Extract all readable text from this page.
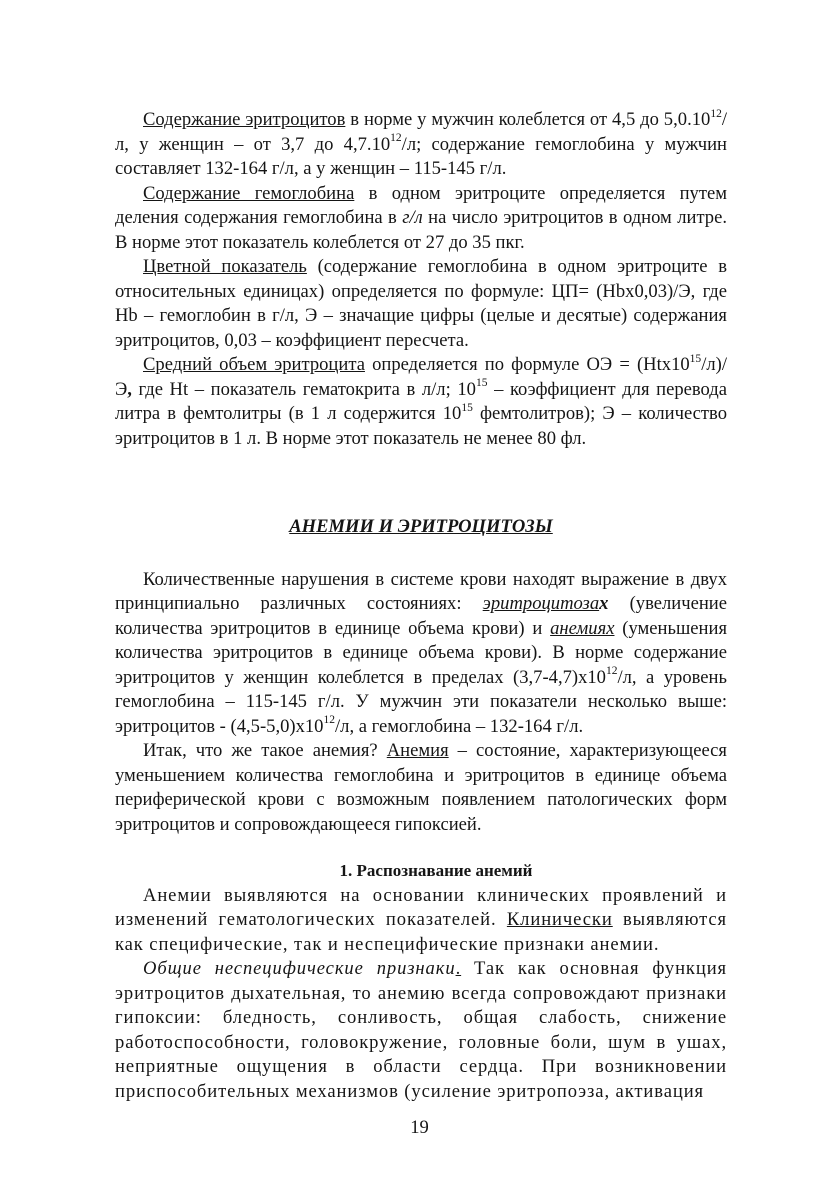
Содержание эритроцитов в норме у мужчин колеблется от 4,5 до 5,0.10$^{12}$/ л, у женщин – от 3,7 до 4,7.10$^{12}$/л; содержание гемоглобина у мужчин составляет 132-164 г/л, а у женщин – 115-145 г/л.

Содержание гемоглобина в одном эритроците определяется путем деления содержания гемоглобина в г/л на число эритроцитов в одном литре. В норме этот показатель колеблется от 27 до 35 пкг.

Цветной показатель (содержание гемоглобина в одном эритроците в относительных единицах) определяется по формуле: ЦП= (Hbx0,03)/Э, где Hb – гемоглобин в г/л, Э – значащие цифры (целые и десятые) содержания эритроцитов, 0,03 – коэффициент пересчета.

Средний объем эритроцита определяется по формуле ОЭ = $(Htx10^{15}/л)/$ Э, где Ht – показатель гематокрита в л/л; $10^{15}$ – коэффициент для перевода литра в фемтолитры (в 1 л содержится $10^{15}$ фемтолитров); Э – количество эритроцитов в 1 л. В норме этот показатель не менее 80 фл.

АНЕМИИ И ЭРИТРОЦИТОЗЫ

Количественные нарушения в системе крови находят выражение в двух принципиально различных состояниях: эритроцитозах (увеличение количества эритроцитов в единице объема крови) и анемиях (уменьшения количества эритроцитов в единице объема крови). В норме содержание эритроцитов у женщин колеблется в пределах $(3,7-4,7)х10^{12}/л$, а уровень гемоглобина – 115-145 г/л. У мужчин эти показатели несколько выше: эритроцитов - $(4,5-5,0)х10^{12}/л$, а гемоглобина – 132-164 г/л.

Итак, что же такое анемия? Анемия – состояние, характеризующееся уменьшением количества гемоглобина и эритроцитов в единице объема периферической крови с возможным появлением патологических форм эритроцитов и сопровождающееся гипоксией.

1. Распознавание анемий

Анемии выявляются на основании клинических проявлений и изменений гематологических показателей. Клинически выявляются как специфические, так и неспецифические признаки анемии.

Общие неспецифические признаки. Так как основная функция эритроцитов дыхательная, то анемию всегда сопровождают признаки гипоксии: бледность, сонливость, общая слабость, снижение работоспособности, головокружение, головные боли, шум в ушах, неприятные ощущения в области сердца. При возникновении приспособительных механизмов (усиление эритропоэза, активация

19
